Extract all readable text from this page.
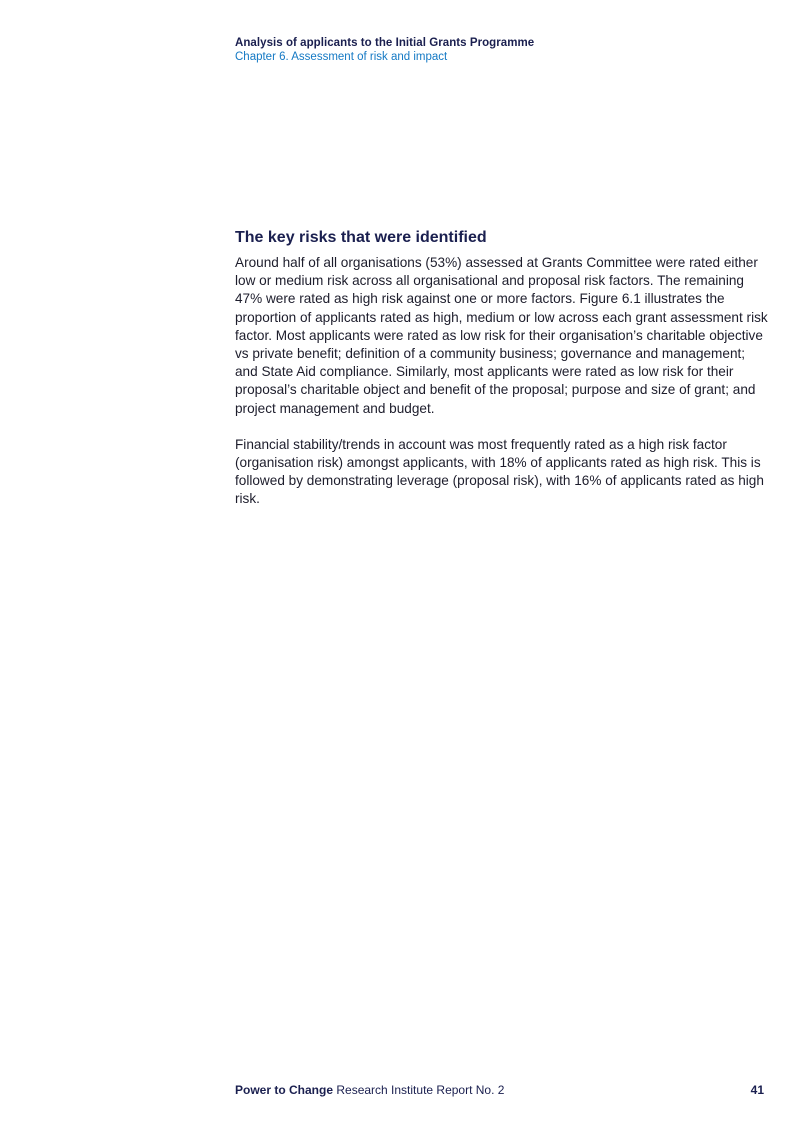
Analysis of applicants to the Initial Grants Programme
Chapter 6. Assessment of risk and impact
The key risks that were identified

Around half of all organisations (53%) assessed at Grants Committee were rated either low or medium risk across all organisational and proposal risk factors. The remaining 47% were rated as high risk against one or more factors. Figure 6.1 illustrates the proportion of applicants rated as high, medium or low across each grant assessment risk factor. Most applicants were rated as low risk for their organisation’s charitable objective vs private benefit; definition of a community business; governance and management; and State Aid compliance. Similarly, most applicants were rated as low risk for their proposal’s charitable object and benefit of the proposal; purpose and size of grant; and project management and budget.

Financial stability/trends in account was most frequently rated as a high risk factor (organisation risk) amongst applicants, with 18% of applicants rated as high risk. This is followed by demonstrating leverage (proposal risk), with 16% of applicants rated as high risk.

Power to Change Research Institute Report No. 2	41
